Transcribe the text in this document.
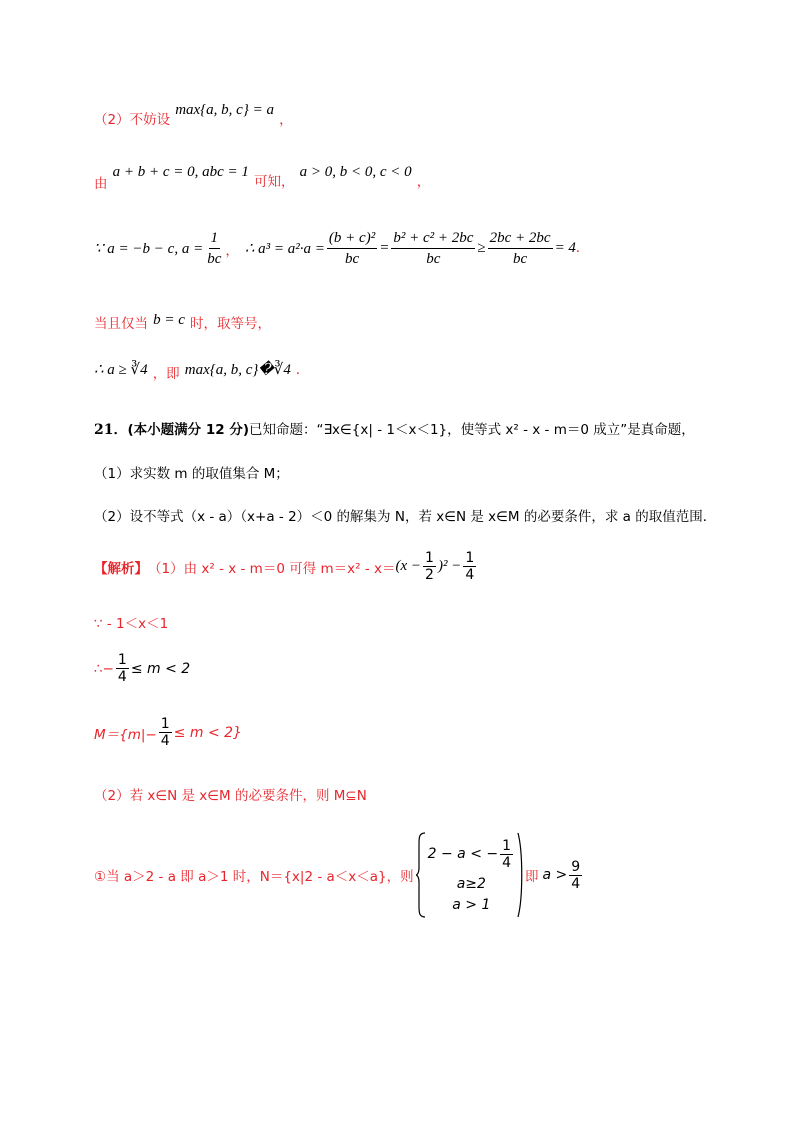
$_{(2)不妨设}$ max{a, b, c} = a $_,$
$_由$ a + b + c = 0, abc = 1 $_{可知,}$ a > 0, b < 0, c < 0 $_,$
∵ a = −b − c, $a = \frac{1}{bc}$ ， ∴ $a^3 = a^2\cdot a = \frac{\text{(b + c)²}}{bc} = \frac{\text{b² + c² + 2bc}}{bc} \ge \frac{2bc + 2bc}{bc} = 4$ .
$_{当且仅当}$ b = c $_{时,取等号,}$
∴ a ≥ ∛4 $_{,即}$ max{a, b, c}�∛4 .
21．(本小题满分 12 分)已知命题：“∃x∈{x| - 1＜x＜1}，使等式 x² - x - m＝0 成立”是真命题，
（1）求实数 m 的取值集合 M；
（2）设不等式（x - a）（x+a - 2）＜0 的解集为 N，若 x∈N 是 x∈M 的必要条件，求 a 的取值范围．
【解析】 （1）由 x² - x - m＝0 可得 $m=x^2 - x= (x - \frac{1}{2} )^2 - \frac{1}{4}$
∵ - 1＜x＜1
∴− $\frac{1}{4} \le m < 2$
$M=\{m|- \frac{1}{4} \le m < 2\}$
（2）若 x∈N 是 x∈M 的必要条件，则 M⊆N
①当 a＞2 - a 即 a＞1 时，N＝{x|2 - a＜x＜a}，则
2 − a < − $\frac{1}{4}$
a≥2
a > 1
即 $a > \frac{9}{4}$
